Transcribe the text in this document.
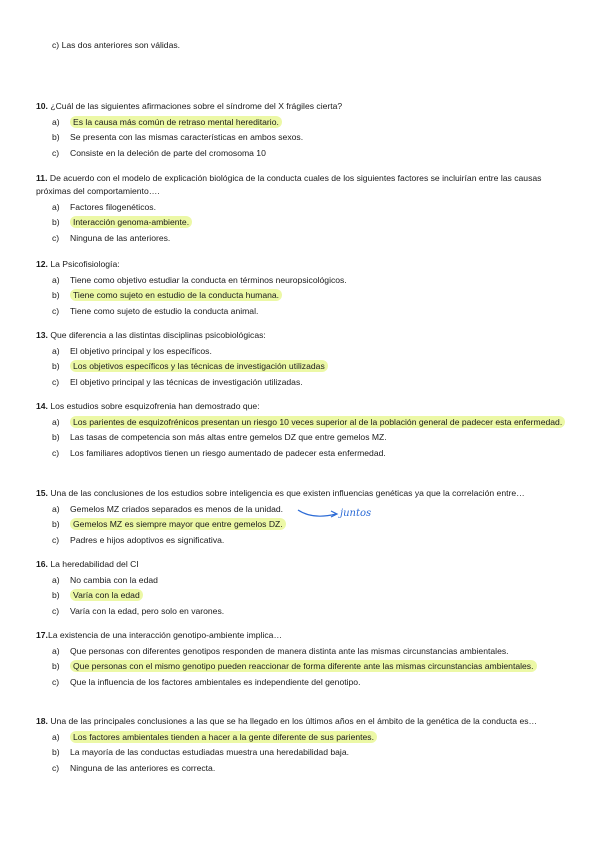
c) Las dos anteriores son válidas.

10. ¿Cuál de las siguientes afirmaciones sobre el síndrome del X frágiles cierta?

a) Es la causa más común de retraso mental hereditario.
b) Se presenta con las mismas características en ambos sexos.
c) Consiste en la deleción de parte del cromosoma 10

11. De acuerdo con el modelo de explicación biológica de la conducta cuales de los siguientes factores se incluirían entre las causas próximas del comportamiento….

a) Factores filogenéticos.
b) Interacción genoma-ambiente.
c) Ninguna de las anteriores.

12. La Psicofisiología:

a) Tiene como objetivo estudiar la conducta en términos neuropsicológicos.
b) Tiene como sujeto en estudio de la conducta humana.
c) Tiene como sujeto de estudio la conducta animal.

13. Que diferencia a las distintas disciplinas psicobiológicas:

a) El objetivo principal y los específicos.
b) Los objetivos específicos y las técnicas de investigación utilizadas
c) El objetivo principal y las técnicas de investigación utilizadas.

14. Los estudios sobre esquizofrenia han demostrado que:

a) Los parientes de esquizofrénicos presentan un riesgo 10 veces superior al de la población general de padecer esta enfermedad.
b) Las tasas de competencia son más altas entre gemelos DZ que entre gemelos MZ.
c) Los familiares adoptivos tienen un riesgo aumentado de padecer esta enfermedad.

15. Una de las conclusiones de los estudios sobre inteligencia es que existen influencias genéticas ya que la correlación entre…

a) Gemelos MZ criados separados es menos de la unidad.
b) Gemelos MZ es siempre mayor que entre gemelos DZ.
c) Padres e hijos adoptivos es significativa.
juntos

16. La heredabilidad del CI

a) No cambia con la edad
b) Varía con la edad
c) Varía con la edad, pero solo en varones.

17.La existencia de una interacción genotipo-ambiente implica…

a) Que personas con diferentes genotipos responden de manera distinta ante las mismas circunstancias ambientales.
b) Que personas con el mismo genotipo pueden reaccionar de forma diferente ante las mismas circunstancias ambientales.
c) Que la influencia de los factores ambientales es independiente del genotipo.

18. Una de las principales conclusiones a las que se ha llegado en los últimos años en el ámbito de la genética de la conducta es…

a) Los factores ambientales tienden a hacer a la gente diferente de sus parientes.
b) La mayoría de las conductas estudiadas muestra una heredabilidad baja.
c) Ninguna de las anteriores es correcta.
